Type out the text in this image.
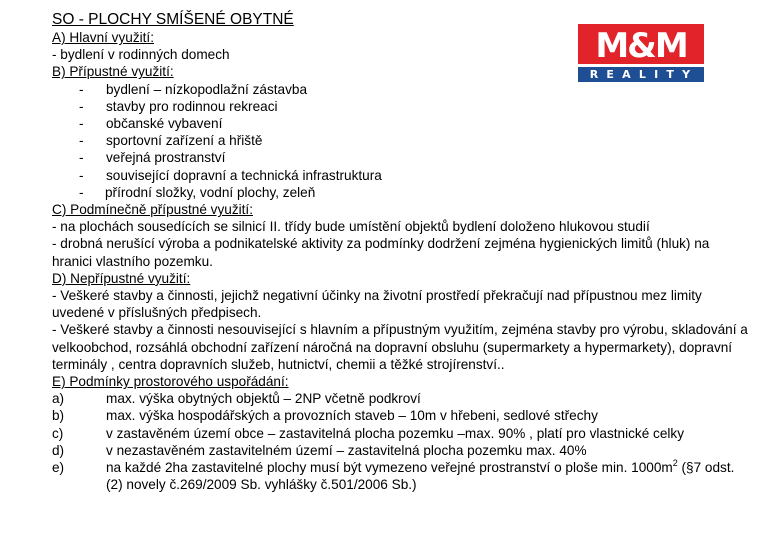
SO - PLOCHY SMÍŠENÉ OBYTNÉ

A) Hlavní využití:

- bydlení v rodinných domech

B) Přípustné využití:

-	bydlení – nízkopodlažní zástavba
-	stavby pro rodinnou rekreaci
-	občanské vybavení
-	sportovní zařízení a hřiště
-	veřejná prostranství
-	související dopravní a technická infrastruktura
-	přírodní složky, vodní plochy, zeleň

C) Podmínečně přípustné využití:

- na plochách sousedících se silnicí II. třídy bude umístění objektů bydlení doloženo hlukovou studií

- drobná nerušící výroba a podnikatelské aktivity za podmínky dodržení zejména hygienických limitů (hluk) na hranici vlastního pozemku.

D) Nepřípustné využití:

- Veškeré stavby a činnosti, jejichž negativní účinky na životní prostředí překračují nad přípustnou mez limity uvedené v příslušných předpisech.

- Veškeré stavby a činnosti nesouvisející s hlavním a přípustným využitím, zejména stavby pro výrobu, skladování a velkoobchod, rozsáhlá obchodní zařízení náročná na dopravní obsluhu (supermarkety a hypermarkety), dopravní terminály , centra dopravních služeb, hutnictví, chemii a těžké strojírenství..

E) Podmínky prostorového uspořádání:

a)	max. výška obytných objektů – 2NP včetně podkroví
b)	max. výška hospodářských a provozních staveb – 10m v hřebeni, sedlové střechy
c)	v zastavěném území obce – zastavitelná plocha pozemku –max. 90% , platí pro vlastnické celky
d)	v nezastavěném zastavitelném území – zastavitelná plocha pozemku max. 40%
e)	na každé 2ha zastavitelné plochy musí být vymezeno veřejné prostranství o ploše min. $1000m^2$ (§7 odst. (2) novely č.269/2009 Sb. vyhlášky č.501/2006 Sb.)
M&M
REALITY
